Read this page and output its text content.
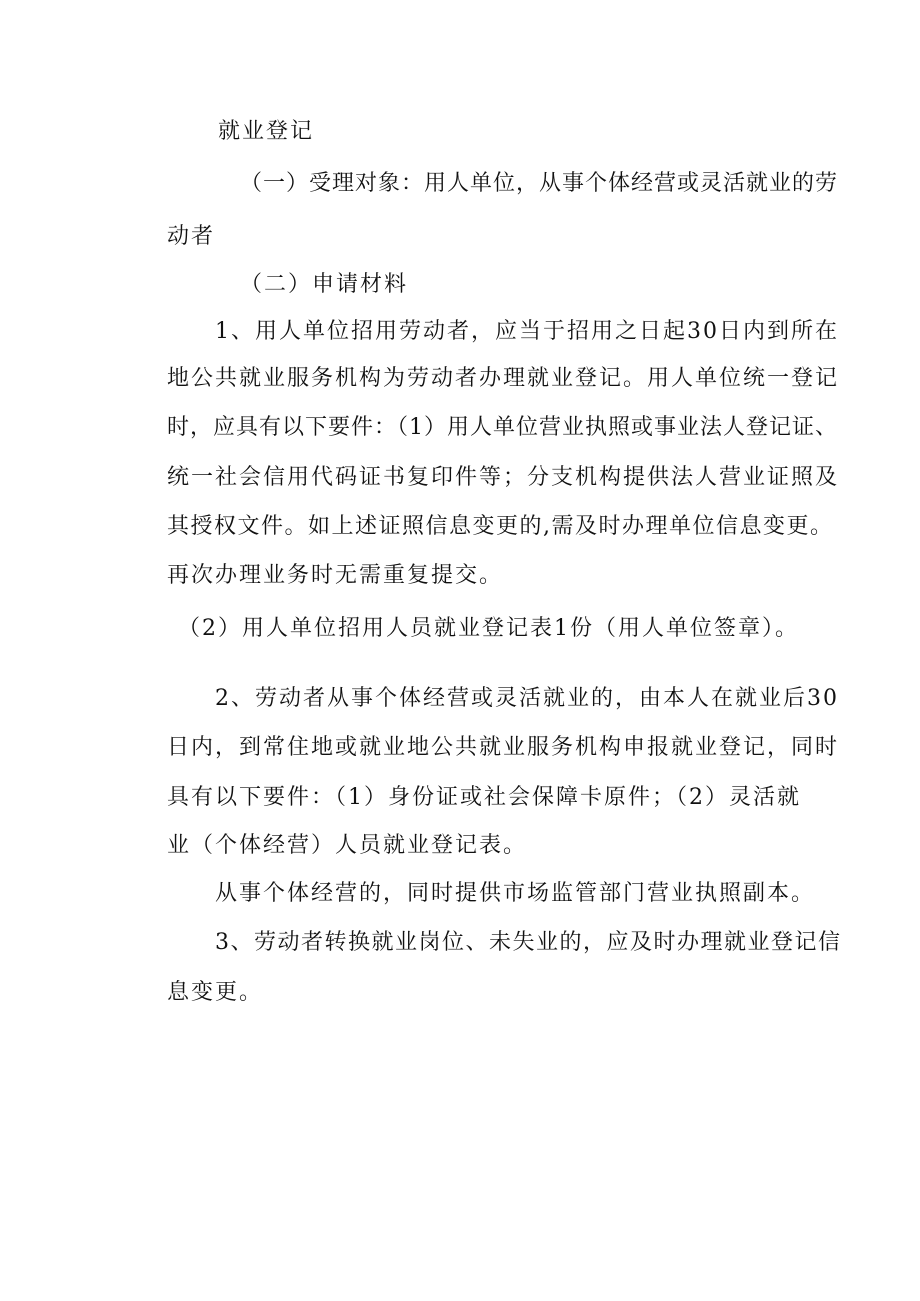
就业登记
（一）受理对象：用人单位，从事个体经营或灵活就业的劳
动者
（二）申请材料
1、用人单位招用劳动者，应当于招用之日起30日内到所在
地公共就业服务机构为劳动者办理就业登记。用人单位统一登记
时，应具有以下要件：（1）用人单位营业执照或事业法人登记证、
统一社会信用代码证书复印件等；分支机构提供法人营业证照及
其授权文件。如上述证照信息变更的,需及时办理单位信息变更。
再次办理业务时无需重复提交。
（2）用人单位招用人员就业登记表1份（用人单位签章）。
2、劳动者从事个体经营或灵活就业的，由本人在就业后30
日内，到常住地或就业地公共就业服务机构申报就业登记，同时
具有以下要件：（1）身份证或社会保障卡原件；（2）灵活就
业（个体经营）人员就业登记表。
从事个体经营的，同时提供市场监管部门营业执照副本。
3、劳动者转换就业岗位、未失业的，应及时办理就业登记信
息变更。
